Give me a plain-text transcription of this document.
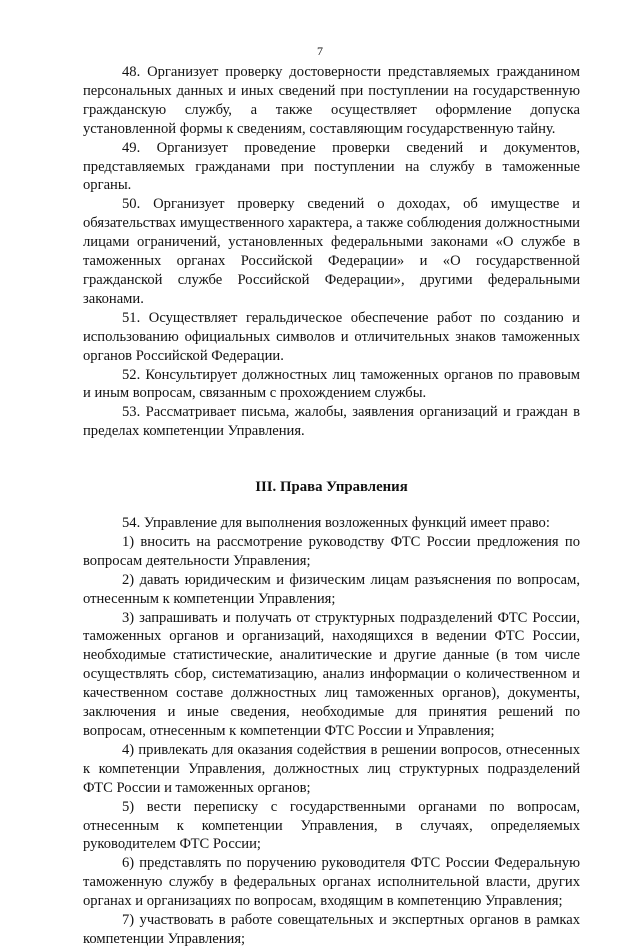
7

48. Организует проверку достоверности представляемых гражданином персональных данных и иных сведений при поступлении на государственную гражданскую службу, а также осуществляет оформление допуска установленной формы к сведениям, составляющим государственную тайну.

49. Организует проведение проверки сведений и документов, представляемых гражданами при поступлении на службу в таможенные органы.

50. Организует проверку сведений о доходах, об имуществе и обязательствах имущественного характера, а также соблюдения должностными лицами ограничений, установленных федеральными законами «О службе в таможенных органах Российской Федерации» и «О государственной гражданской службе Российской Федерации», другими федеральными законами.

51. Осуществляет геральдическое обеспечение работ по созданию и использованию официальных символов и отличительных знаков таможенных органов Российской Федерации.

52. Консультирует должностных лиц таможенных органов по правовым и иным вопросам, связанным с прохождением службы.

53. Рассматривает письма, жалобы, заявления организаций и граждан в пределах компетенции Управления.

III. Права Управления

54. Управление для выполнения возложенных функций имеет право:

1) вносить на рассмотрение руководству ФТС России предложения по вопросам деятельности Управления;

2) давать юридическим и физическим лицам разъяснения по вопросам, отнесенным к компетенции Управления;

3) запрашивать и получать от структурных подразделений ФТС России, таможенных органов и организаций, находящихся в ведении ФТС России, необходимые статистические, аналитические и другие данные (в том числе осуществлять сбор, систематизацию, анализ информации о количественном и качественном составе должностных лиц таможенных органов), документы, заключения и иные сведения, необходимые для принятия решений по вопросам, отнесенным к компетенции ФТС России и Управления;

4) привлекать для оказания содействия в решении вопросов, отнесенных к компетенции Управления, должностных лиц структурных подразделений ФТС России и таможенных органов;

5) вести переписку с государственными органами по вопросам, отнесенным к компетенции Управления, в случаях, определяемых руководителем ФТС России;

6) представлять по поручению руководителя ФТС России Федеральную таможенную службу в федеральных органах исполнительной власти, других органах и организациях по вопросам, входящим в компетенцию Управления;

7) участвовать в работе совещательных и экспертных органов в рамках компетенции Управления;
